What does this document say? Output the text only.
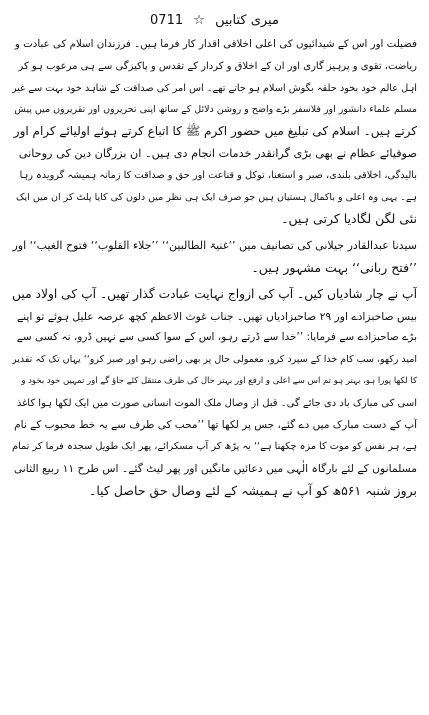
میری کتابیں ☆ 0711
فضیلت اور اس کے شیدائیوں کی اعلی اخلاقی اقدار کار فرما ہیں۔ فرزندان اسلام کی عبادت و
ریاضت، تقوی و پرہیز گاری اور ان کے اخلاق و کردار کے تقدس و پاکیزگی سے ہی مرعوب ہو کر
اہل عالم خود بخود حلقہ بگوش اسلام ہو جاتے تھے۔ اس امر کی صداقت کے شاہد خود بہت سے غیر
مسلم علماء دانشور اور فلاسفر بڑے واضح و روشن دلائل کے ساتھ اپنی تحریروں اور تقریروں میں پیش
کرتے ہیں۔ اسلام کی تبلیغ میں حضور اکرم ﷺ کا اتباع کرتے ہوئے اولیائے کرام اور
صوفیائے عظام نے بھی بڑی گرانقدر خدمات انجام دی ہیں۔ ان بزرگان دین کی روحانی
بالیدگی، اخلاقی بلندی، صبر و استغنا، توکل و قناعت اور حق و صداقت کا زمانہ ہمیشہ گرویدہ رہا
ہے۔ یہی وہ اعلی و باکمال ہستیاں ہیں جو صرف ایک ہی نظر میں دلوں کی کایا پلٹ کر ان میں ایک
نئی لگن لگادیا کرتی ہیں۔
سیدنا عبدالقادر جیلانی کی تصانیف میں ’’غنیۃ الطالبین‘‘ ’’جلاء القلوب‘‘ فتوح الغیب‘‘ اور
’’فتح ربانی‘‘ بہت مشہور ہیں۔
آپ نے چار شادیاں کیں۔ آپ کی ازواج نہایت عبادت گذار تھیں۔ آپ کی اولاد میں
بیس صاحبزادے اور ۲۹ صاحبزادیاں تھیں۔ جناب غوث الاعظم کچھ عرصہ علیل ہوئے تو اپنے
بڑے صاحبزادے سے فرمایا: ’’خدا سے ڈرتے رہو، اس کے سوا کسی سے نہیں ڈرو، نہ کسی سے
امید رکھو، سب کام خدا کے سپرد کرو، معمولی حال پر بھی راضی رہو اور صبر کرو‘‘ یہاں تک کہ تقدیر
کا لکھا پورا ہو، بہتر ہو تم اس سے اعلی و ارفع اور بہتر حال کی طرف منتقل کئے جاؤ گے اور تمہیں خود بخود و
اسی کی مبارک باد دی جائے گی۔ قبل از وصال ملک الموت انسانی صورت میں ایک لکھا ہوا کاغذ
آپ کے دست مبارک میں دے گئے، جس پر لکھا تھا ’’محب کی طرف سے یہ خط محبوب کے نام
ہے، ہر نفس کو موت کا مزہ چکھنا ہے‘‘ یہ پڑھ کر آپ مسکرائے، پھر ایک طویل سجدہ فرما کر تمام
مسلمانوں کے لئے بارگاہ الٰہی میں دعائیں مانگیں اور پھر لیٹ گئے۔ اس طرح ۱۱ ربیع الثانی
بروز شنبہ ۵۶۱ھ کو آپ نے ہمیشہ کے لئے وصال حق حاصل کیا۔
